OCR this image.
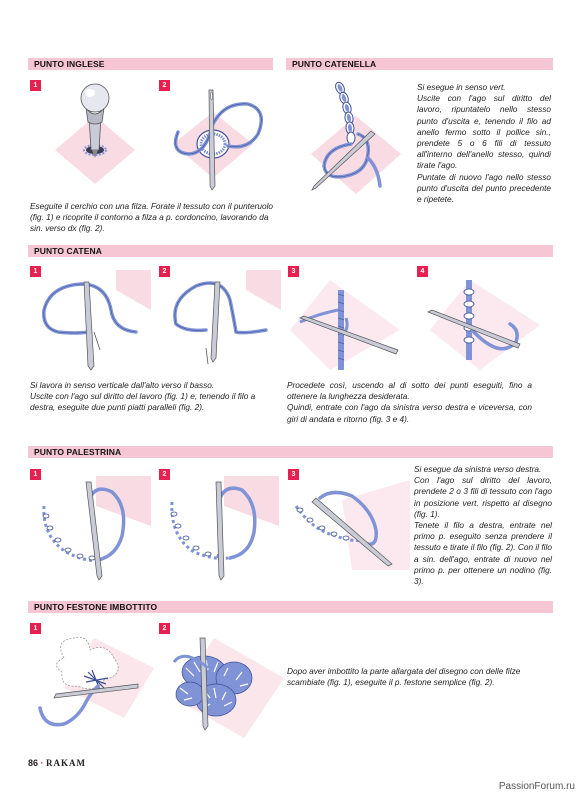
PUNTO INGLESE
1	2
Eseguite il cerchio con una filza. Forate il tessuto con il punteruolo (fig. 1) e ricoprite il contorno a filza a p. cordoncino, lavorando da sin. verso dx (fig. 2).
PUNTO CATENELLA

Si esegue in senso vert.

Uscite con l'ago sul diritto del lavoro, ripuntatelo nello stesso punto d'uscita e, tenendo il filo ad anello fermo sotto il pollice sin., prendete 5 o 6 fili di tessuto all'interno dell'anello stesso, quindi tirate l'ago.

Puntate di nuovo l'ago nello stesso punto d'uscita del punto precedente e ripetete.

PUNTO CATENA
1	2	3	4

Si lavora in senso verticale dall'alto verso il basso.

Uscite con l'ago sul diritto del lavoro (fig. 1) e, tenendo il filo a destra, eseguite due punti piatti paralleli (fig. 2).

Procedete così, uscendo al di sotto dei punti eseguiti, fino a ottenere la lunghezza desiderata.

Quindi, entrate con l'ago da sinistra verso destra e viceversa, con giri di andata e ritorno (fig. 3 e 4).

PUNTO PALESTRINA
1	2	3

Si esegue da sinistra verso destra.

Con l'ago sul diritto del lavoro, prendete 2 o 3 fili di tessuto con l'ago in posizione vert. rispetto al disegno (fig. 1).

Tenete il filo a destra, entrate nel primo p. eseguito senza prendere il tessuto e tirate il filo (fig. 2). Con il filo a sin. dell'ago, entrate di nuovo nel primo p. per ottenere un nodino (fig. 3).

PUNTO FESTONE IMBOTTITO
1	2
Dopo aver imbottito la parte allargata del disegno con delle filze scambiate (fig. 1), eseguite il p. festone semplice (fig. 2).
86 · RAKAM
PassionForum.ru
